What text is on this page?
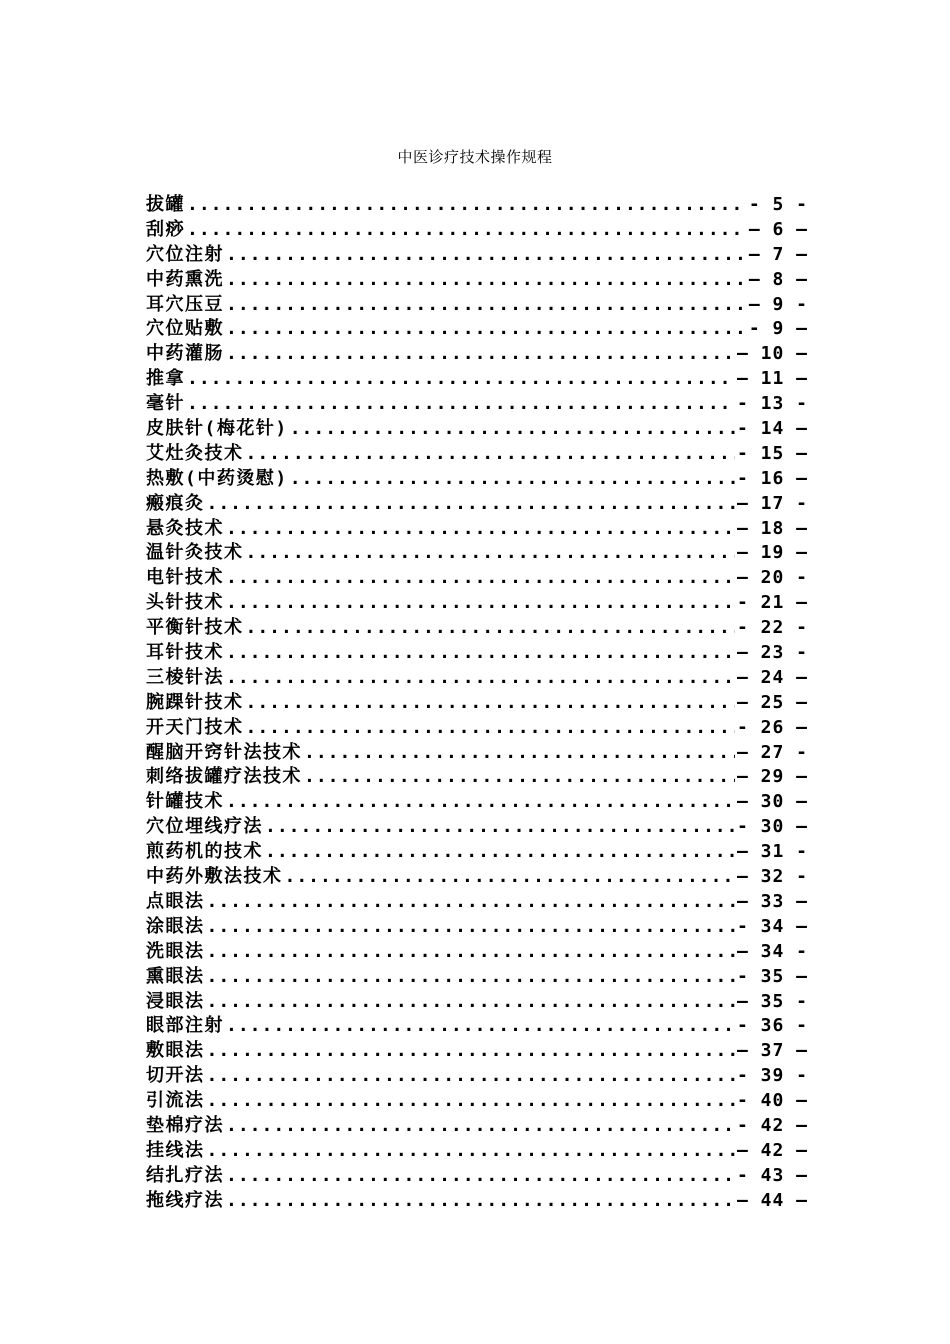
中医诊疗技术操作规程
拔罐 .....	- 5 -
刮痧 .....	— 6 —
穴位注射 .....	— 7 —
中药熏洗 .....	— 8 —
耳穴压豆 .....	— 9 -
穴位贴敷 .....	- 9 —
中药灌肠 .....	— 10 —
推拿 .....	— 11 —
毫针 .....	- 13 -
皮肤针(梅花针) .....	- 14 —
艾灶灸技术 .....	- 15 —
热敷(中药烫慰) .....	- 16 —
瘢痕灸 .....	— 17 -
悬灸技术 .....	— 18 —
温针灸技术 .....	— 19 —
电针技术 .....	— 20 -
头针技术 .....	- 21 —
平衡针技术 .....	- 22 -
耳针技术 .....	— 23 -
三棱针法 .....	— 24 —
腕踝针技术 .....	— 25 —
开天门技术 .....	- 26 —
醒脑开窍针法技术 .....	— 27 -
刺络拔罐疗法技术 .....	— 29 —
针罐技术 .....	— 30 —
穴位埋线疗法 .....	- 30 —
煎药机的技术 .....	— 31 -
中药外敷法技术 .....	— 32 -
点眼法 .....	— 33 —
涂眼法 .....	- 34 —
洗眼法 .....	— 34 -
熏眼法 .....	- 35 —
浸眼法 .....	— 35 -
眼部注射 .....	- 36 -
敷眼法 .....	— 37 —
切开法 .....	- 39 -
引流法 .....	- 40 —
垫棉疗法 .....	- 42 —
挂线法 .....	— 42 —
结扎疗法 .....	- 43 —
拖线疗法 .....	— 44 —
